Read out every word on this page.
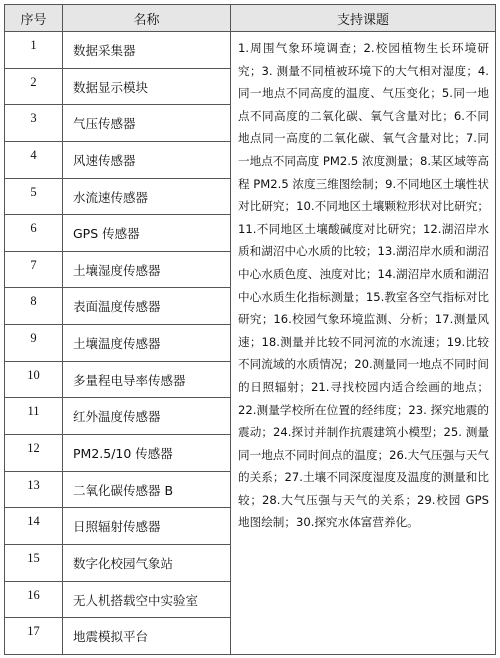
序号	名称	支持课题
1	数据采集器	1.周围气象环境调查；2.校园植物生长环境研究；3. 测量不同植被环境下的大气相对湿度；4.同一地点不同高度的温度、气压变化；5.同一地点不同高度的二氧化碳、氧气含量对比；6.不同地点同一高度的二氧化碳、氧气含量对比；7.同一地点不同高度 PM2.5 浓度测量；8.某区域等高程 PM2.5 浓度三维图绘制；9.不同地区土壤性状对比研究；10.不同地区土壤颗粒形状对比研究；11.不同地区土壤酸碱度对比研究；12.湖沼岸水质和湖沼中心水质的比较；13.湖沼岸水质和湖沼中心水质色度、浊度对比；14.湖沼岸水质和湖沼中心水质生化指标测量；15.教室各空气指标对比研究；16.校园气象环境监测、分析；17.测量风速；18.测量并比较不同河流的水流速；19.比较不同流域的水质情况；20.测量同一地点不同时间的日照辐射；21.寻找校园内适合绘画的地点；22.测量学校所在位置的经纬度；23. 探究地震的震动；24.探讨并制作抗震建筑小模型；25. 测量同一地点不同时间点的温度；26.大气压强与天气的关系；27.土壤不同深度湿度及温度的测量和比较；28.大气压强与天气的关系；29.校园 GPS 地图绘制；30.探究水体富营养化。
2	数据显示模块	
3	气压传感器	
4	风速传感器	
5	水流速传感器	
6	GPS 传感器	
7	土壤湿度传感器	
8	表面温度传感器	
9	土壤温度传感器	
10	多量程电导率传感器	
11	红外温度传感器	
12	PM2.5/10 传感器	
13	二氧化碳传感器 B	
14	日照辐射传感器	
15	数字化校园气象站	
16	无人机搭载空中实验室	
17	地震模拟平台	
